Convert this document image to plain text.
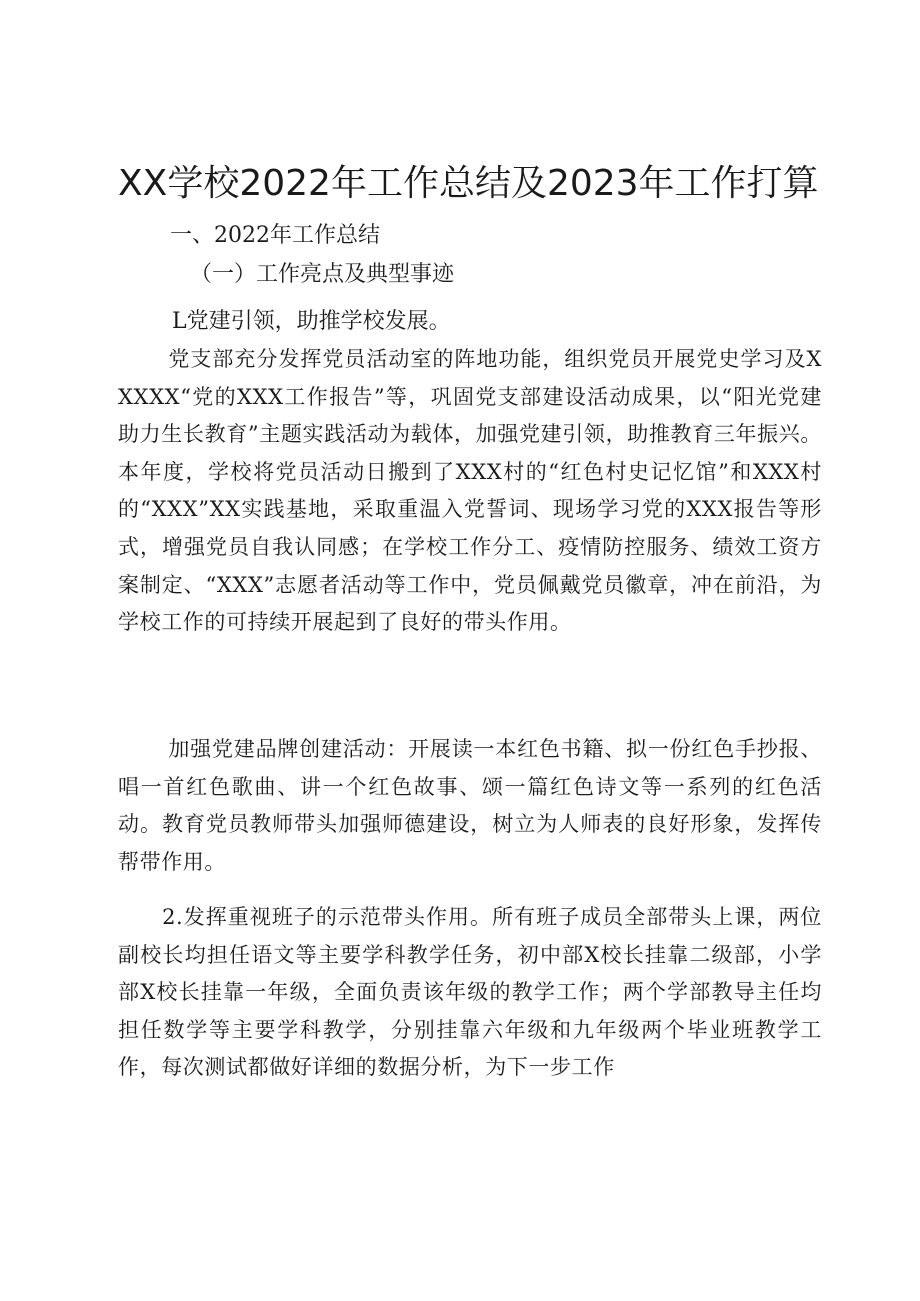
XX学校2022年工作总结及2023年工作打算

一、2022年工作总结

（一）工作亮点及典型事迹

L党建引领，助推学校发展。

党支部充分发挥党员活动室的阵地功能，组织党员开展党史学习及XXXXX“党的XXX工作报告”等，巩固党支部建设活动成果，以“阳光党建助力生长教育”主题实践活动为载体，加强党建引领，助推教育三年振兴。本年度，学校将党员活动日搬到了XXX村的“红色村史记忆馆”和XXX村的“XXX”XX实践基地，采取重温入党誓词、现场学习党的XXX报告等形式，增强党员自我认同感；在学校工作分工、疫情防控服务、绩效工资方案制定、“XXX”志愿者活动等工作中，党员佩戴党员徽章，冲在前沿，为学校工作的可持续开展起到了良好的带头作用。

加强党建品牌创建活动：开展读一本红色书籍、拟一份红色手抄报、唱一首红色歌曲、讲一个红色故事、颂一篇红色诗文等一系列的红色活动。教育党员教师带头加强师德建设，树立为人师表的良好形象，发挥传帮带作用。

2.发挥重视班子的示范带头作用。所有班子成员全部带头上课，两位副校长均担任语文等主要学科教学任务，初中部X校长挂靠二级部，小学部X校长挂靠一年级，全面负责该年级的教学工作；两个学部教导主任均担任数学等主要学科教学，分别挂靠六年级和九年级两个毕业班教学工作，每次测试都做好详细的数据分析，为下一步工作
